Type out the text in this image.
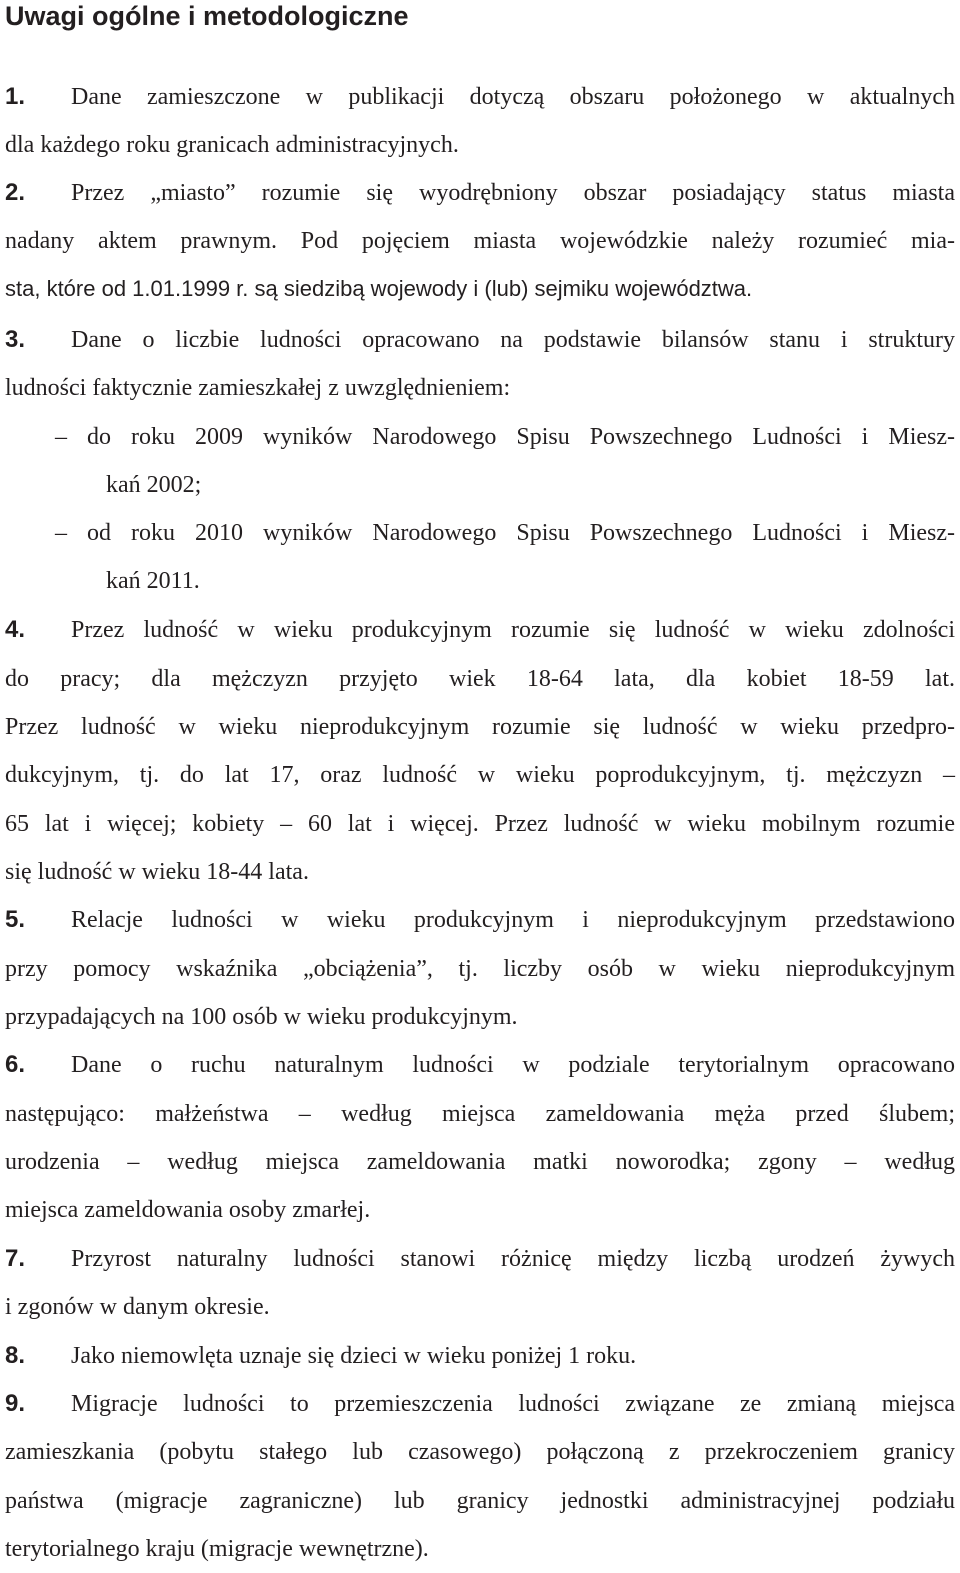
Uwagi ogólne i metodologiczne
1. Dane zamieszczone w publikacji dotyczą obszaru położonego w aktualnych
dla każdego roku granicach administracyjnych.
2. Przez „miasto” rozumie się wyodrębniony obszar posiadający status miasta
nadany aktem prawnym. Pod pojęciem miasta wojewódzkie należy rozumieć mia-
sta, które od 1.01.1999 r. są siedzibą wojewody i (lub) sejmiku województwa.
3. Dane o liczbie ludności opracowano na podstawie bilansów stanu i struktury
ludności faktycznie zamieszkałej z uwzględnieniem:
– do roku 2009 wyników Narodowego Spisu Powszechnego Ludności i Miesz-
kań 2002;
– od roku 2010 wyników Narodowego Spisu Powszechnego Ludności i Miesz-
kań 2011.
4. Przez ludność w wieku produkcyjnym rozumie się ludność w wieku zdolności
do pracy; dla mężczyzn przyjęto wiek 18-64 lata, dla kobiet 18-59 lat.
Przez ludność w wieku nieprodukcyjnym rozumie się ludność w wieku przedpro-
dukcyjnym, tj. do lat 17, oraz ludność w wieku poprodukcyjnym, tj. mężczyzn –
65 lat i więcej; kobiety – 60 lat i więcej. Przez ludność w wieku mobilnym rozumie
się ludność w wieku 18-44 lata.
5. Relacje ludności w wieku produkcyjnym i nieprodukcyjnym przedstawiono
przy pomocy wskaźnika „obciążenia”, tj. liczby osób w wieku nieprodukcyjnym
przypadających na 100 osób w wieku produkcyjnym.
6. Dane o ruchu naturalnym ludności w podziale terytorialnym opracowano
następująco: małżeństwa – według miejsca zameldowania męża przed ślubem;
urodzenia – według miejsca zameldowania matki noworodka; zgony – według
miejsca zameldowania osoby zmarłej.
7. Przyrost naturalny ludności stanowi różnicę między liczbą urodzeń żywych
i zgonów w danym okresie.
8. Jako niemowlęta uznaje się dzieci w wieku poniżej 1 roku.
9. Migracje ludności to przemieszczenia ludności związane ze zmianą miejsca
zamieszkania (pobytu stałego lub czasowego) połączoną z przekroczeniem granicy
państwa (migracje zagraniczne) lub granicy jednostki administracyjnej podziału
terytorialnego kraju (migracje wewnętrzne).
